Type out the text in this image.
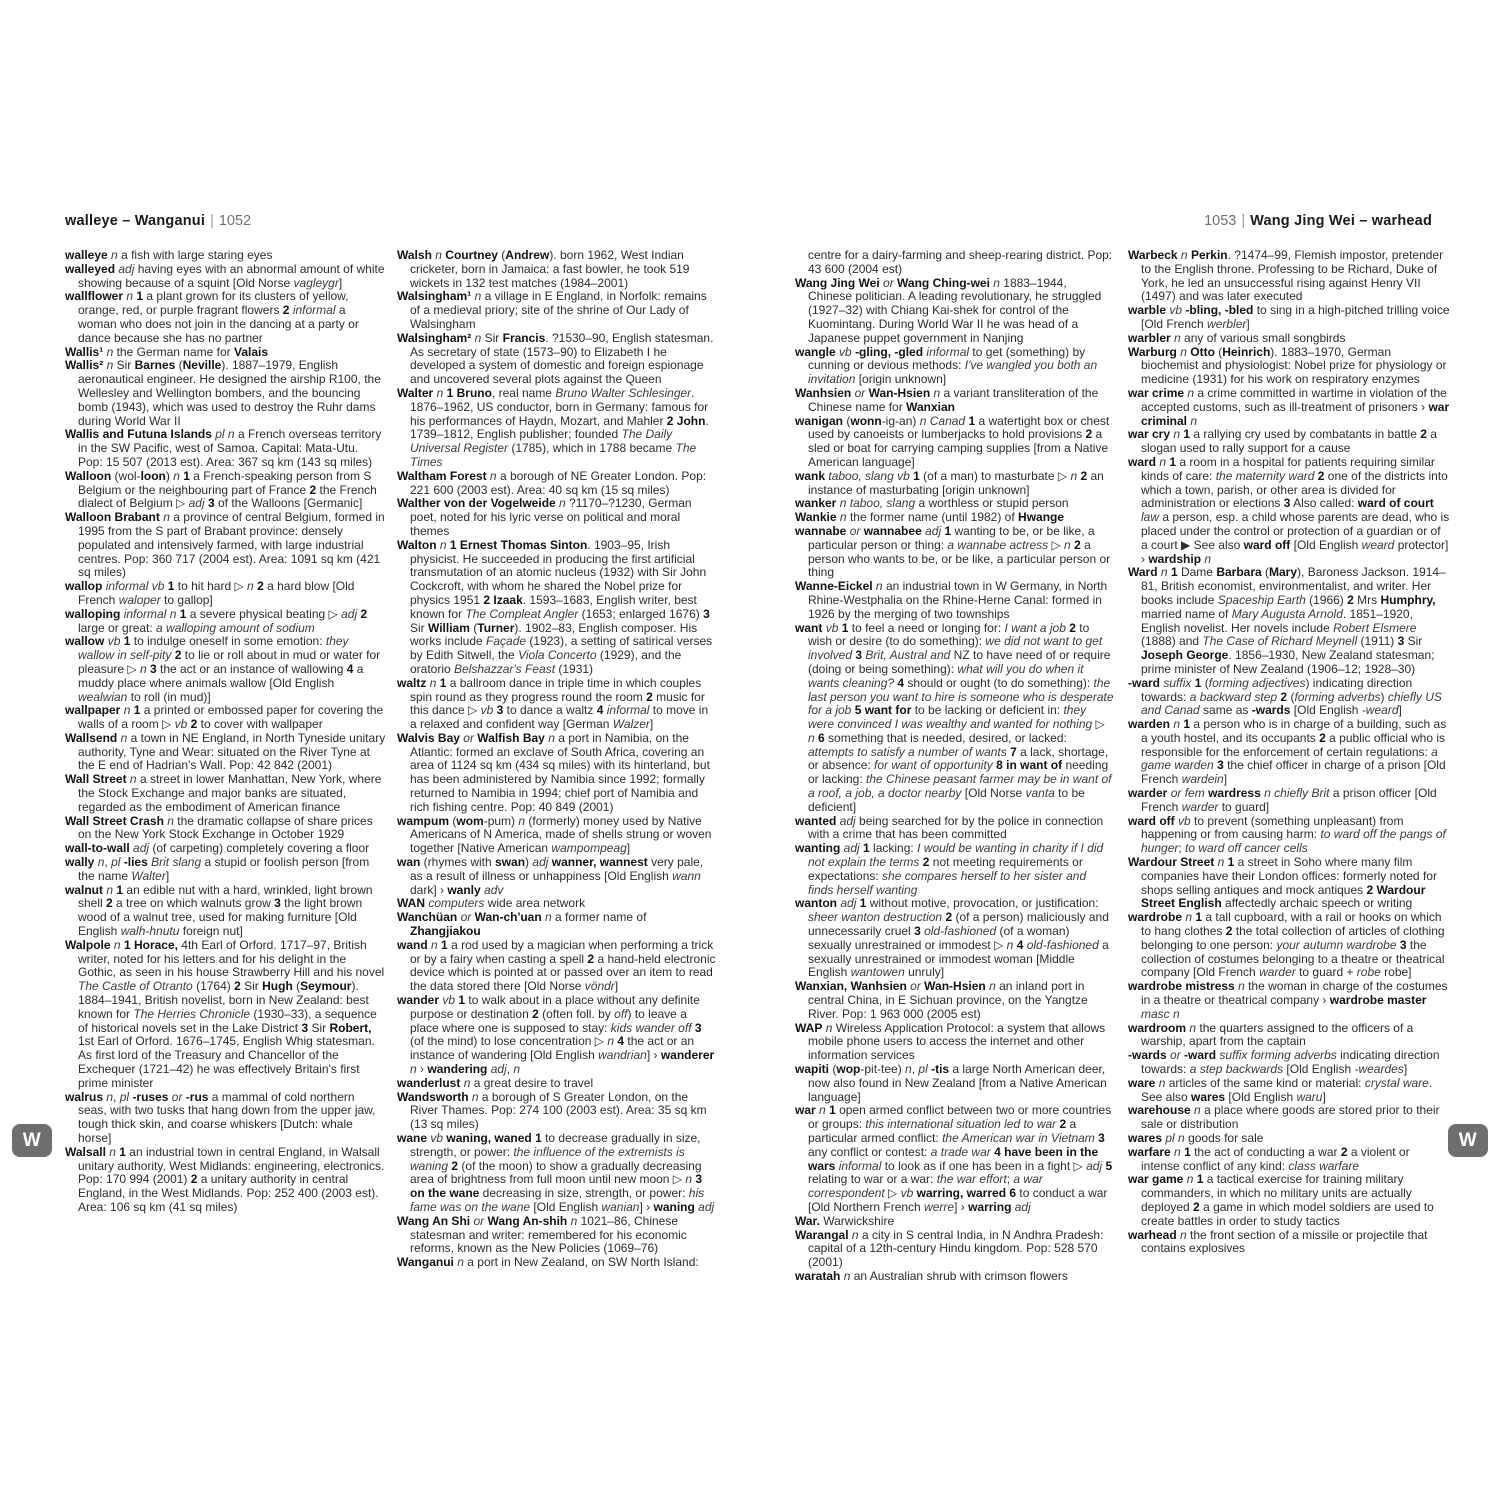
walleye – Wanganui | 1052	1053 | Wang Jing Wei – warhead

walleye n a fish with large staring eyes

walleyed adj having eyes with an abnormal amount of white showing because of a squint [Old Norse vagleygr]

wallflower n 1 a plant grown for its clusters of yellow, orange, red, or purple fragrant flowers 2 informal a woman who does not join in the dancing at a party or dance because she has no partner

Wallis¹ n the German name for Valais

Wallis² n Sir Barnes (Neville). 1887–1979, English aeronautical engineer. He designed the airship R100, the Wellesley and Wellington bombers, and the bouncing bomb (1943), which was used to destroy the Ruhr dams during World War II

Wallis and Futuna Islands pl n a French overseas territory in the SW Pacific, west of Samoa. Capital: Mata-Utu. Pop: 15 507 (2013 est). Area: 367 sq km (143 sq miles)

Walloon (wol-loon) n 1 a French-speaking person from S Belgium or the neighbouring part of France 2 the French dialect of Belgium ▷ adj 3 of the Walloons [Germanic]

Walloon Brabant n a province of central Belgium, formed in 1995 from the S part of Brabant province: densely populated and intensively farmed, with large industrial centres. Pop: 360 717 (2004 est). Area: 1091 sq km (421 sq miles)

wallop informal vb 1 to hit hard ▷ n 2 a hard blow [Old French waloper to gallop]

walloping informal n 1 a severe physical beating ▷ adj 2 large or great: a walloping amount of sodium

wallow vb 1 to indulge oneself in some emotion: they wallow in self-pity 2 to lie or roll about in mud or water for pleasure ▷ n 3 the act or an instance of wallowing 4 a muddy place where animals wallow [Old English wealwian to roll (in mud)]

wallpaper n 1 a printed or embossed paper for covering the walls of a room ▷ vb 2 to cover with wallpaper

Wallsend n a town in NE England, in North Tyneside unitary authority, Tyne and Wear: situated on the River Tyne at the E end of Hadrian's Wall. Pop: 42 842 (2001)

Wall Street n a street in lower Manhattan, New York, where the Stock Exchange and major banks are situated, regarded as the embodiment of American finance

Wall Street Crash n the dramatic collapse of share prices on the New York Stock Exchange in October 1929

wall-to-wall adj (of carpeting) completely covering a floor

wally n, pl -lies Brit slang a stupid or foolish person [from the name Walter]

walnut n 1 an edible nut with a hard, wrinkled, light brown shell 2 a tree on which walnuts grow 3 the light brown wood of a walnut tree, used for making furniture [Old English walh-hnutu foreign nut]

Walpole n 1 Horace, 4th Earl of Orford. 1717–97, British writer, noted for his letters and for his delight in the Gothic, as seen in his house Strawberry Hill and his novel The Castle of Otranto (1764) 2 Sir Hugh (Seymour). 1884–1941, British novelist, born in New Zealand: best known for The Herries Chronicle (1930–33), a sequence of historical novels set in the Lake District 3 Sir Robert, 1st Earl of Orford. 1676–1745, English Whig statesman. As first lord of the Treasury and Chancellor of the Exchequer (1721–42) he was effectively Britain's first prime minister

walrus n, pl -ruses or -rus a mammal of cold northern seas, with two tusks that hang down from the upper jaw, tough thick skin, and coarse whiskers [Dutch: whale horse]

Walsall n 1 an industrial town in central England, in Walsall unitary authority, West Midlands: engineering, electronics. Pop: 170 994 (2001) 2 a unitary authority in central England, in the West Midlands. Pop: 252 400 (2003 est). Area: 106 sq km (41 sq miles)

Walsh n Courtney (Andrew). born 1962, West Indian cricketer, born in Jamaica: a fast bowler, he took 519 wickets in 132 test matches (1984–2001)

Walsingham¹ n a village in E England, in Norfolk: remains of a medieval priory; site of the shrine of Our Lady of Walsingham

Walsingham² n Sir Francis. ?1530–90, English statesman. As secretary of state (1573–90) to Elizabeth I he developed a system of domestic and foreign espionage and uncovered several plots against the Queen

Walter n 1 Bruno, real name Bruno Walter Schlesinger. 1876–1962, US conductor, born in Germany: famous for his performances of Haydn, Mozart, and Mahler 2 John. 1739–1812, English publisher; founded The Daily Universal Register (1785), which in 1788 became The Times

Waltham Forest n a borough of NE Greater London. Pop: 221 600 (2003 est). Area: 40 sq km (15 sq miles)

Walther von der Vogelweide n ?1170–?1230, German poet, noted for his lyric verse on political and moral themes

Walton n 1 Ernest Thomas Sinton. 1903–95, Irish physicist. He succeeded in producing the first artificial transmutation of an atomic nucleus (1932) with Sir John Cockcroft, with whom he shared the Nobel prize for physics 1951 2 Izaak. 1593–1683, English writer, best known for The Compleat Angler (1653; enlarged 1676) 3 Sir William (Turner). 1902–83, English composer. His works include Façade (1923), a setting of satirical verses by Edith Sitwell, the Viola Concerto (1929), and the oratorio Belshazzar's Feast (1931)

waltz n 1 a ballroom dance in triple time in which couples spin round as they progress round the room 2 music for this dance ▷ vb 3 to dance a waltz 4 informal to move in a relaxed and confident way [German Walzer]

Walvis Bay or Walfish Bay n a port in Namibia, on the Atlantic: formed an exclave of South Africa, covering an area of 1124 sq km (434 sq miles) with its hinterland, but has been administered by Namibia since 1992; formally returned to Namibia in 1994; chief port of Namibia and rich fishing centre. Pop: 40 849 (2001)

wampum (wom-pum) n (formerly) money used by Native Americans of N America, made of shells strung or woven together [Native American wampompeag]

wan (rhymes with swan) adj wanner, wannest very pale, as a result of illness or unhappiness [Old English wann dark] › wanly adv

WAN computers wide area network

Wanchüan or Wan-ch'uan n a former name of Zhangjiakou

wand n 1 a rod used by a magician when performing a trick or by a fairy when casting a spell 2 a hand-held electronic device which is pointed at or passed over an item to read the data stored there [Old Norse vöndr]

wander vb 1 to walk about in a place without any definite purpose or destination 2 (often foll. by off) to leave a place where one is supposed to stay: kids wander off 3 (of the mind) to lose concentration ▷ n 4 the act or an instance of wandering [Old English wandrian] › wanderer n › wandering adj, n

wanderlust n a great desire to travel

Wandsworth n a borough of S Greater London, on the River Thames. Pop: 274 100 (2003 est). Area: 35 sq km (13 sq miles)

wane vb waning, waned 1 to decrease gradually in size, strength, or power: the influence of the extremists is waning 2 (of the moon) to show a gradually decreasing area of brightness from full moon until new moon ▷ n 3 on the wane decreasing in size, strength, or power: his fame was on the wane [Old English wanian] › waning adj

Wang An Shi or Wang An-shih n 1021–86, Chinese statesman and writer: remembered for his economic reforms, known as the New Policies (1069–76)

Wanganui n a port in New Zealand, on SW North Island:

centre for a dairy-farming and sheep-rearing district. Pop: 43 600 (2004 est)

Wang Jing Wei or Wang Ching-wei n 1883–1944, Chinese politician. A leading revolutionary, he struggled (1927–32) with Chiang Kai-shek for control of the Kuomintang. During World War II he was head of a Japanese puppet government in Nanjing

wangle vb -gling, -gled informal to get (something) by cunning or devious methods: I've wangled you both an invitation [origin unknown]

Wanhsien or Wan-Hsien n a variant transliteration of the Chinese name for Wanxian

wanigan (wonn-ig-an) n Canad 1 a watertight box or chest used by canoeists or lumberjacks to hold provisions 2 a sled or boat for carrying camping supplies [from a Native American language]

wank taboo, slang vb 1 (of a man) to masturbate ▷ n 2 an instance of masturbating [origin unknown]

wanker n taboo, slang a worthless or stupid person

Wankie n the former name (until 1982) of Hwange

wannabe or wannabee adj 1 wanting to be, or be like, a particular person or thing: a wannabe actress ▷ n 2 a person who wants to be, or be like, a particular person or thing

Wanne-Eickel n an industrial town in W Germany, in North Rhine-Westphalia on the Rhine-Herne Canal: formed in 1926 by the merging of two townships

want vb 1 to feel a need or longing for: I want a job 2 to wish or desire (to do something): we did not want to get involved 3 Brit, Austral and NZ to have need of or require (doing or being something): what will you do when it wants cleaning? 4 should or ought (to do something): the last person you want to hire is someone who is desperate for a job 5 want for to be lacking or deficient in: they were convinced I was wealthy and wanted for nothing ▷ n 6 something that is needed, desired, or lacked: attempts to satisfy a number of wants 7 a lack, shortage, or absence: for want of opportunity 8 in want of needing or lacking: the Chinese peasant farmer may be in want of a roof, a job, a doctor nearby [Old Norse vanta to be deficient]

wanted adj being searched for by the police in connection with a crime that has been committed

wanting adj 1 lacking: I would be wanting in charity if I did not explain the terms 2 not meeting requirements or expectations: she compares herself to her sister and finds herself wanting

wanton adj 1 without motive, provocation, or justification: sheer wanton destruction 2 (of a person) maliciously and unnecessarily cruel 3 old-fashioned (of a woman) sexually unrestrained or immodest ▷ n 4 old-fashioned a sexually unrestrained or immodest woman [Middle English wantowen unruly]

Wanxian, Wanhsien or Wan-Hsien n an inland port in central China, in E Sichuan province, on the Yangtze River. Pop: 1 963 000 (2005 est)

WAP n Wireless Application Protocol: a system that allows mobile phone users to access the internet and other information services

wapiti (wop-pit-tee) n, pl -tis a large North American deer, now also found in New Zealand [from a Native American language]

war n 1 open armed conflict between two or more countries or groups: this international situation led to war 2 a particular armed conflict: the American war in Vietnam 3 any conflict or contest: a trade war 4 have been in the wars informal to look as if one has been in a fight ▷ adj 5 relating to war or a war: the war effort; a war correspondent ▷ vb warring, warred 6 to conduct a war [Old Northern French werre] › warring adj

War. Warwickshire

Warangal n a city in S central India, in N Andhra Pradesh: capital of a 12th-century Hindu kingdom. Pop: 528 570 (2001)

waratah n an Australian shrub with crimson flowers

Warbeck n Perkin. ?1474–99, Flemish impostor, pretender to the English throne. Professing to be Richard, Duke of York, he led an unsuccessful rising against Henry VII (1497) and was later executed

warble vb -bling, -bled to sing in a high-pitched trilling voice [Old French werbler]

warbler n any of various small songbirds

Warburg n Otto (Heinrich). 1883–1970, German biochemist and physiologist: Nobel prize for physiology or medicine (1931) for his work on respiratory enzymes

war crime n a crime committed in wartime in violation of the accepted customs, such as ill-treatment of prisoners › war criminal n

war cry n 1 a rallying cry used by combatants in battle 2 a slogan used to rally support for a cause

ward n 1 a room in a hospital for patients requiring similar kinds of care: the maternity ward 2 one of the districts into which a town, parish, or other area is divided for administration or elections 3 Also called: ward of court law a person, esp. a child whose parents are dead, who is placed under the control or protection of a guardian or of a court ▶ See also ward off [Old English weard protector] › wardship n

Ward n 1 Dame Barbara (Mary), Baroness Jackson. 1914–81, British economist, environmentalist, and writer. Her books include Spaceship Earth (1966) 2 Mrs Humphry, married name of Mary Augusta Arnold. 1851–1920, English novelist. Her novels include Robert Elsmere (1888) and The Case of Richard Meynell (1911) 3 Sir Joseph George. 1856–1930, New Zealand statesman; prime minister of New Zealand (1906–12; 1928–30)

-ward suffix 1 (forming adjectives) indicating direction towards: a backward step 2 (forming adverbs) chiefly US and Canad same as -wards [Old English -weard]

warden n 1 a person who is in charge of a building, such as a youth hostel, and its occupants 2 a public official who is responsible for the enforcement of certain regulations: a game warden 3 the chief officer in charge of a prison [Old French wardein]

warder or fem wardress n chiefly Brit a prison officer [Old French warder to guard]

ward off vb to prevent (something unpleasant) from happening or from causing harm: to ward off the pangs of hunger; to ward off cancer cells

Wardour Street n 1 a street in Soho where many film companies have their London offices: formerly noted for shops selling antiques and mock antiques 2 Wardour Street English affectedly archaic speech or writing

wardrobe n 1 a tall cupboard, with a rail or hooks on which to hang clothes 2 the total collection of articles of clothing belonging to one person: your autumn wardrobe 3 the collection of costumes belonging to a theatre or theatrical company [Old French warder to guard + robe robe]

wardrobe mistress n the woman in charge of the costumes in a theatre or theatrical company › wardrobe master masc n

wardroom n the quarters assigned to the officers of a warship, apart from the captain

-wards or -ward suffix forming adverbs indicating direction towards: a step backwards [Old English -weardes]

ware n articles of the same kind or material: crystal ware. See also wares [Old English waru]

warehouse n a place where goods are stored prior to their sale or distribution

wares pl n goods for sale

warfare n 1 the act of conducting a war 2 a violent or intense conflict of any kind: class warfare

war game n 1 a tactical exercise for training military commanders, in which no military units are actually deployed 2 a game in which model soldiers are used to create battles in order to study tactics

warhead n the front section of a missile or projectile that contains explosives

W	W
